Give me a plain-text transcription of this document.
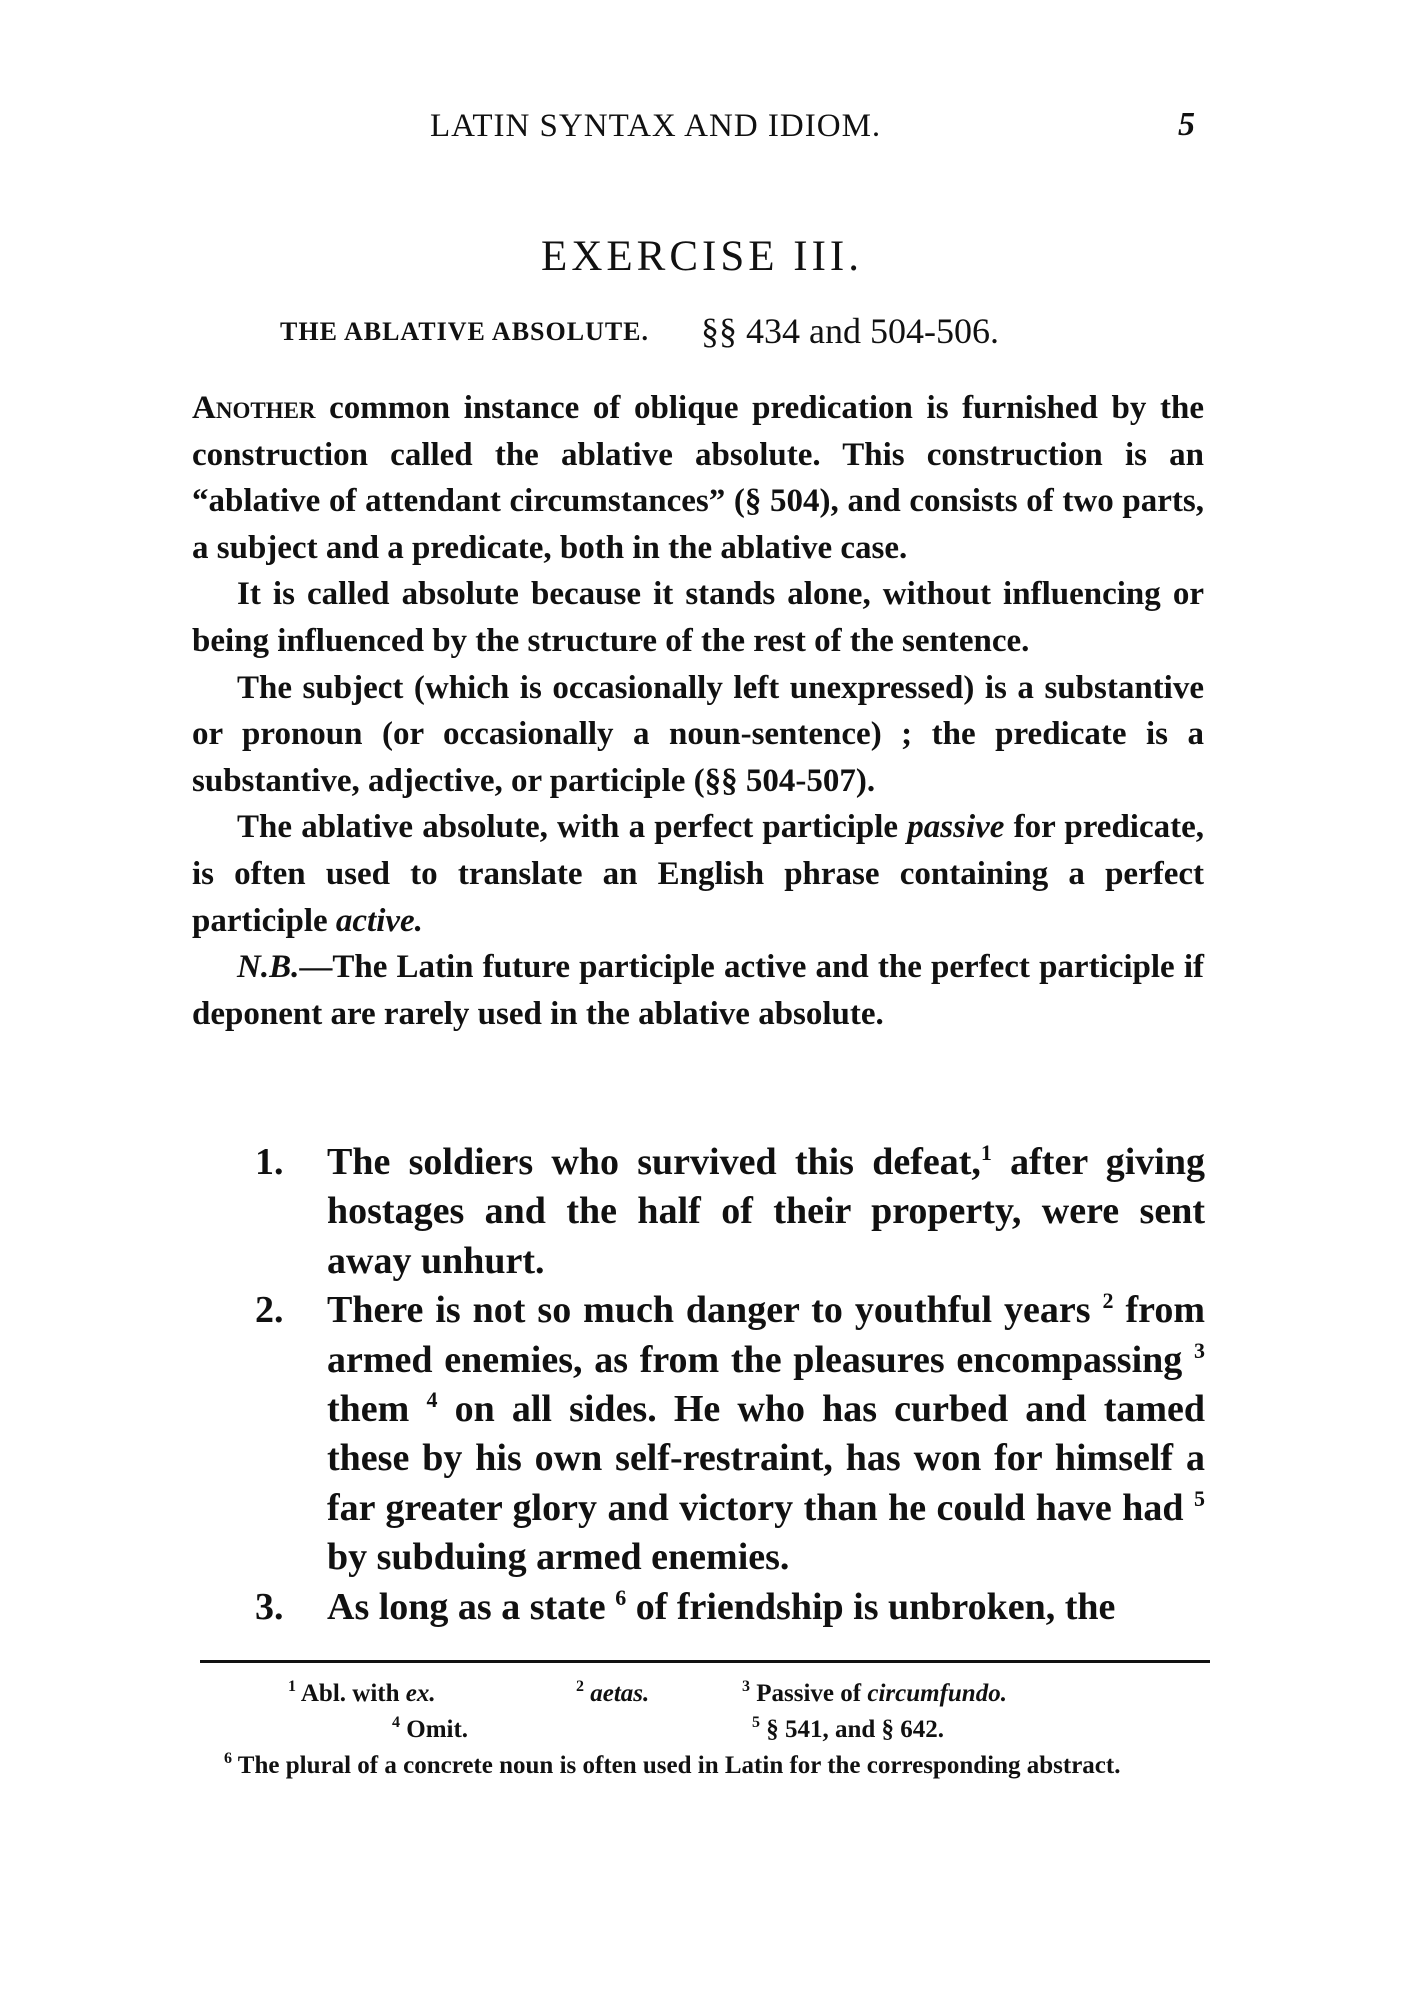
LATIN SYNTAX AND IDIOM.	5
EXERCISE III.
THE ABLATIVE ABSOLUTE. §§ 434 and 504-506.

Another common instance of oblique predication is furnished by the construction called the ablative absolute. This construction is an “ablative of attendant circumstances” (§ 504), and consists of two parts, a subject and a predicate, both in the ablative case.

It is called absolute because it stands alone, without influencing or being influenced by the structure of the rest of the sentence.

The subject (which is occasionally left unexpressed) is a substantive or pronoun (or occasionally a noun-sentence) ; the predicate is a substantive, adjective, or participle (§§ 504-507).

The ablative absolute, with a perfect participle passive for predicate, is often used to translate an English phrase containing a perfect participle active.

N.B.—The Latin future participle active and the perfect participle if deponent are rarely used in the ablative absolute.

1.	The soldiers who survived this defeat,$^1$ after giving hostages and the half of their property, were sent away unhurt.
2.	There is not so much danger to youthful years $^2$ from armed enemies, as from the pleasures encompassing $^3$ them $^4$ on all sides. He who has curbed and tamed these by his own self-restraint, has won for himself a far greater glory and victory than he could have had $^5$ by subduing armed enemies.
3.	As long as a state $^6$ of friendship is unbroken, the
$^1$ Abl. with ex.	$^2$ aetas.	$^3$ Passive of circumfundo.
$^4$ Omit.	$^5$ § 541, and § 642.
$^6$ The plural of a concrete noun is often used in Latin for the corresponding abstract.
